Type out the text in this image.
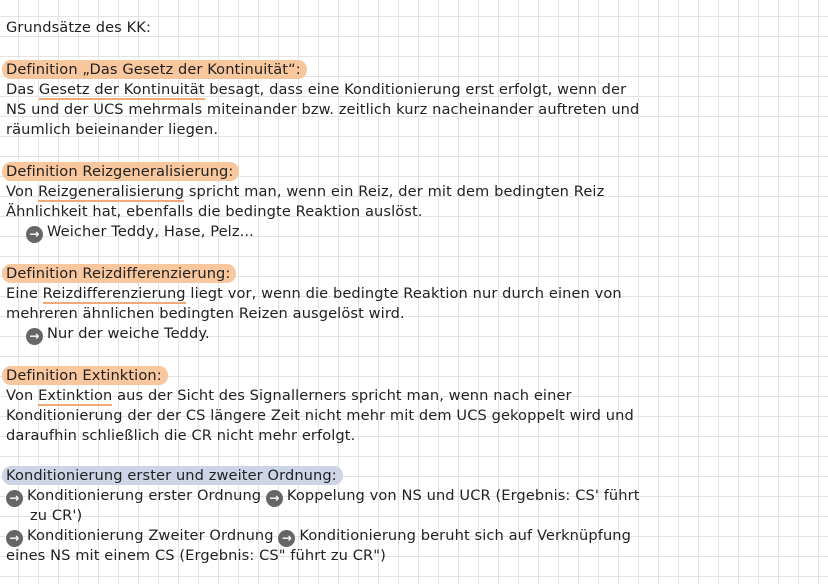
Grundsätze des KK:
Definition „Das Gesetz der Kontinuität“:
Das Gesetz der Kontinuität besagt, dass eine Konditionierung erst erfolgt, wenn der
NS und der UCS mehrmals miteinander bzw. zeitlich kurz nacheinander auftreten und
räumlich beieinander liegen.
Definition Reizgeneralisierung:
Von Reizgeneralisierung spricht man, wenn ein Reiz, der mit dem bedingten Reiz
Ähnlichkeit hat, ebenfalls die bedingte Reaktion auslöst.
→ Weicher Teddy, Hase, Pelz...
Definition Reizdifferenzierung:
Eine Reizdifferenzierung liegt vor, wenn die bedingte Reaktion nur durch einen von
mehreren ähnlichen bedingten Reizen ausgelöst wird.
→ Nur der weiche Teddy.
Definition Extinktion:
Von Extinktion aus der Sicht des Signallerners spricht man, wenn nach einer
Konditionierung der der CS längere Zeit nicht mehr mit dem UCS gekoppelt wird und
daraufhin schließlich die CR nicht mehr erfolgt.
Konditionierung erster und zweiter Ordnung:
→ Konditionierung erster Ordnung → Koppelung von NS und UCR (Ergebnis: CS' führt
zu CR')
→ Konditionierung Zweiter Ordnung → Konditionierung beruht sich auf Verknüpfung
eines NS mit einem CS (Ergebnis: CS" führt zu CR")
